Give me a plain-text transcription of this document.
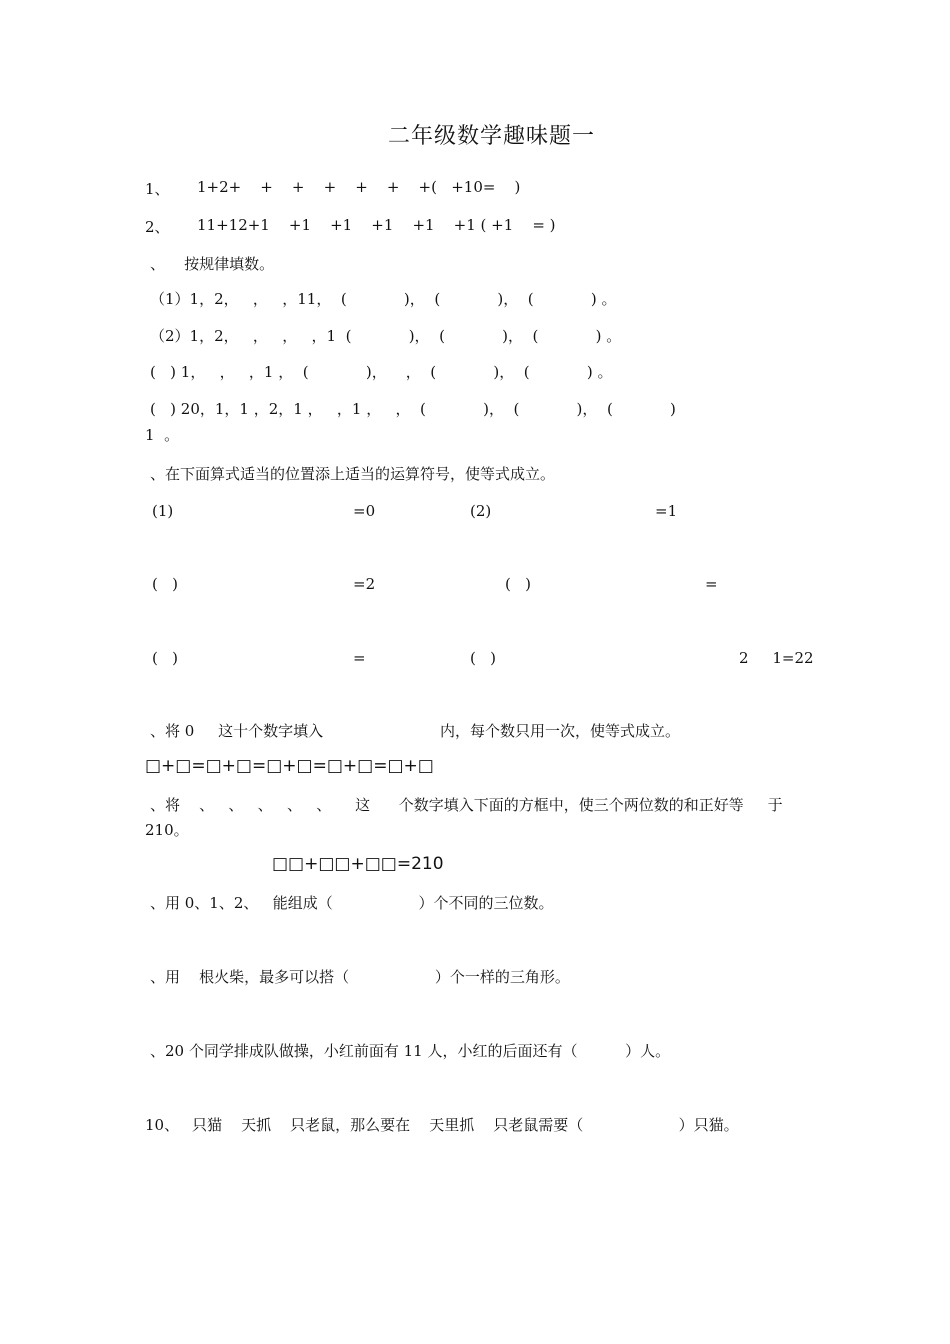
二年级数学趣味题一
1、 1+2+    +    +    +    +    +    +(   +10=    )
2、 11+12+1    +1    +1    +1    +1    +1 ( +1    = )
、    按规律填数。
（1）1，2，   ，   ，11，  (            )，  (            )，  (            ) 。
（2）1，2，   ，   ，   ，1  (            )，  (            )，  (            ) 。
(   ) 1，   ，   ，1 ，  (            )，    ，  (            )，  (            ) 。
(   ) 20，1，1 ，2，1 ，   ，1 ，   ，  (            )，  (            )，  (            )
1  。
、在下面算式适当的位置添上适当的运算符号，使等式成立。
(1)	=0	(2)	=1
(   )	=2	(   )	=
(   )	=	(   )	2     1=22
、将 0     这十个数字填入	内，每个数只用一次，使等式成立。
□+□=□+□=□+□=□+□=□+□
、将    、   、   、   、   、     这      个数字填入下面的方框中，使三个两位数的和正好等     于
210。
□□+□□+□□=210
、用 0、1、2、   能组成（                  ）个不同的三位数。
、用    根火柴，最多可以搭（                  ）个一样的三角形。
、20 个同学排成队做操，小红前面有 11 人，小红的后面还有（          ）人。
10、 只猫    天抓    只老鼠，那么要在    天里抓    只老鼠需要（                    ）只猫。
